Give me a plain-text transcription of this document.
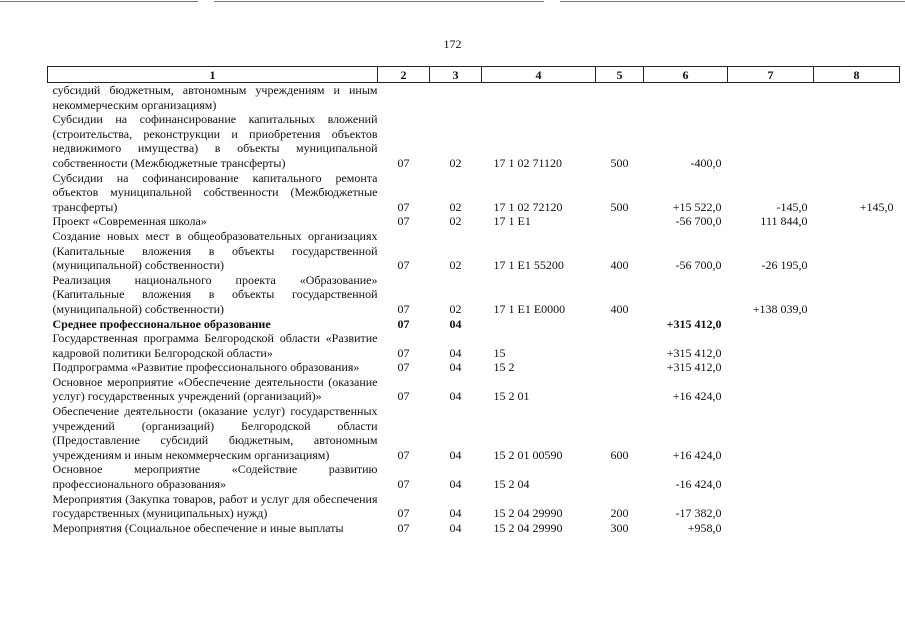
172
1	2	3	4	5	6	7	8
субсидий бюджетным, автономным учреждениям и иным некоммерческим организациям)							
Субсидии на софинансирование капитальных вложений (строительства, реконструкции и приобретения объектов недвижимого имущества) в объекты муниципальной собственности (Межбюджетные трансферты)	07	02	17 1 02 71120	500	-400,0		
Субсидии на софинансирование капитального ремонта объектов муниципальной собственности (Межбюджетные трансферты)	07	02	17 1 02 72120	500	+15 522,0	-145,0	+145,0
Проект «Современная школа»	07	02	17 1 E1		-56 700,0	111 844,0	
Создание новых мест в общеобразовательных организациях (Капитальные вложения в объекты государственной (муниципальной) собственности)	07	02	17 1 E1 55200	400	-56 700,0	-26 195,0	
Реализация национального проекта «Образование» (Капитальные вложения в объекты государственной (муниципальной) собственности)	07	02	17 1 E1 E0000	400		+138 039,0	
Среднее профессиональное образование	07	04			+315 412,0		
Государственная программа Белгородской области «Развитие кадровой политики Белгородской области»	07	04	15		+315 412,0		
Подпрограмма «Развитие профессионального образования»	07	04	15 2		+315 412,0		
Основное мероприятие «Обеспечение деятельности (оказание услуг) государственных учреждений (организаций)»	07	04	15 2 01		+16 424,0		
Обеспечение деятельности (оказание услуг) государственных учреждений (организаций) Белгородской области (Предоставление субсидий бюджетным, автономным учреждениям и иным некоммерческим организациям)	07	04	15 2 01 00590	600	+16 424,0		
Основное мероприятие «Содействие развитию профессионального образования»	07	04	15 2 04		-16 424,0		
Мероприятия (Закупка товаров, работ и услуг для обеспечения государственных (муниципальных) нужд)	07	04	15 2 04 29990	200	-17 382,0		
Мероприятия (Социальное обеспечение и иные выплаты	07	04	15 2 04 29990	300	+958,0		
